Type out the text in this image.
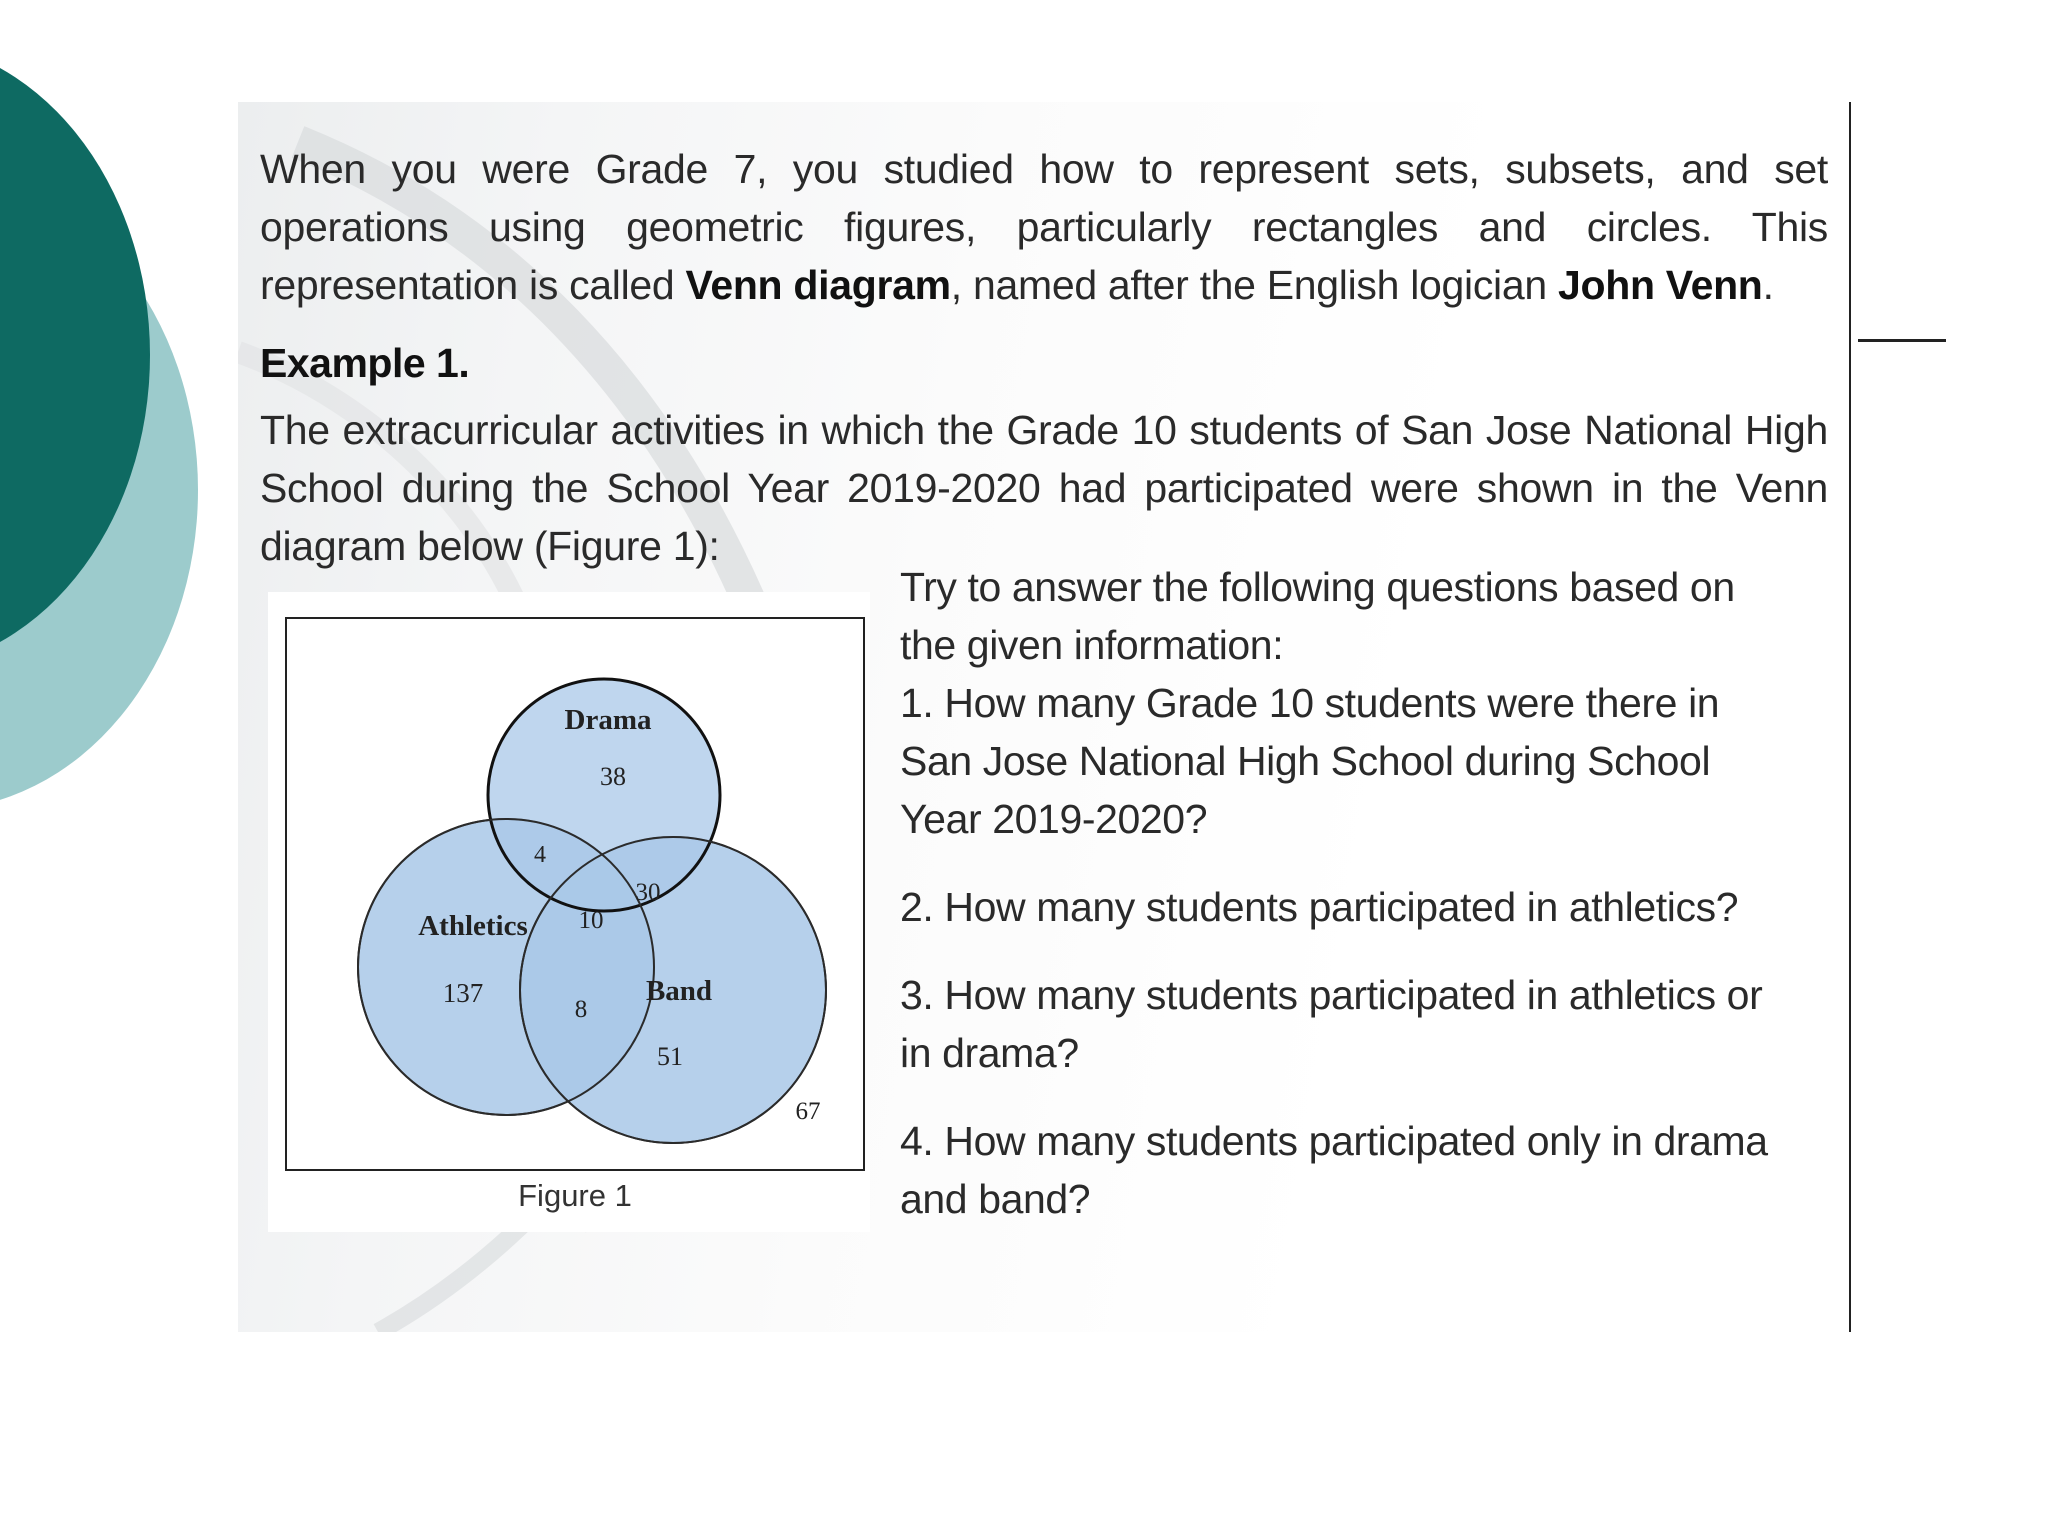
When you were Grade 7, you studied how to represent sets, subsets, and set operations using geometric figures, particularly rectangles and circles. This representation is called Venn diagram, named after the English logician John Venn.
Example 1.
The extracurricular activities in which the Grade 10 students of San Jose National High School during the School Year 2019-2020 had participated were shown in the Venn diagram below (Figure 1):
Drama
38
4
30
10
Athletics
137
8
Band
51
67
Figure 1

Try to answer the following questions based on the given information:

1. How many Grade 10 students were there in San Jose National High School during School Year 2019-2020?

2. How many students participated in athletics?

3. How many students participated in athletics or in drama?

4. How many students participated only in drama and band?
